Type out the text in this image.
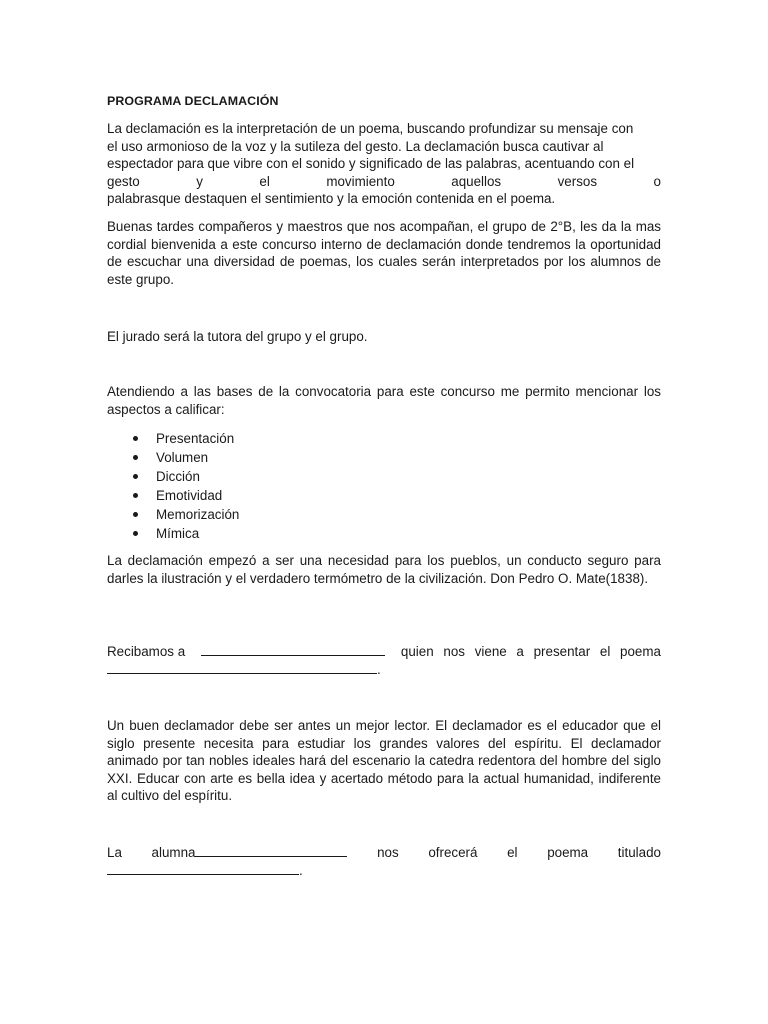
PROGRAMA DECLAMACIÓN
La declamación es la interpretación de un poema, buscando profundizar su mensaje con
el uso armonioso de la voz y la sutileza del gesto. La declamación busca cautivar al
espectador para que vibre con el sonido y significado de las palabras, acentuando con el
gesto	y	el	movimiento	aquellos	versos	o
palabrasque destaquen el sentimiento y la emoción contenida en el poema.

Buenas tardes compañeros y maestros que nos acompañan, el grupo de 2°B, les da la mas cordial bienvenida a este concurso interno de declamación donde tendremos la oportunidad de escuchar una diversidad de poemas, los cuales serán interpretados por los alumnos de este grupo.

El jurado será la tutora del grupo y el grupo.

Atendiendo a las bases de la convocatoria para este concurso me permito mencionar los aspectos a calificar:

Presentación
Volumen
Dicción
Emotividad
Memorización
Mímica

La declamación empezó a ser una necesidad para los pueblos, un conducto seguro para darles la ilustración y el verdadero termómetro de la civilización. Don Pedro O. Mate(1838).

Recibamos a	quien nos viene a presentar el poema
.

Un buen declamador debe ser antes un mejor lector. El declamador es el educador que el siglo presente necesita para estudiar los grandes valores del espíritu. El declamador animado por tan nobles ideales hará del escenario la catedra redentora del hombre del siglo XXI. Educar con arte es bella idea y acertado método para la actual humanidad, indiferente al cultivo del espíritu.

La alumna	nos ofrecerá el poema titulado
.
